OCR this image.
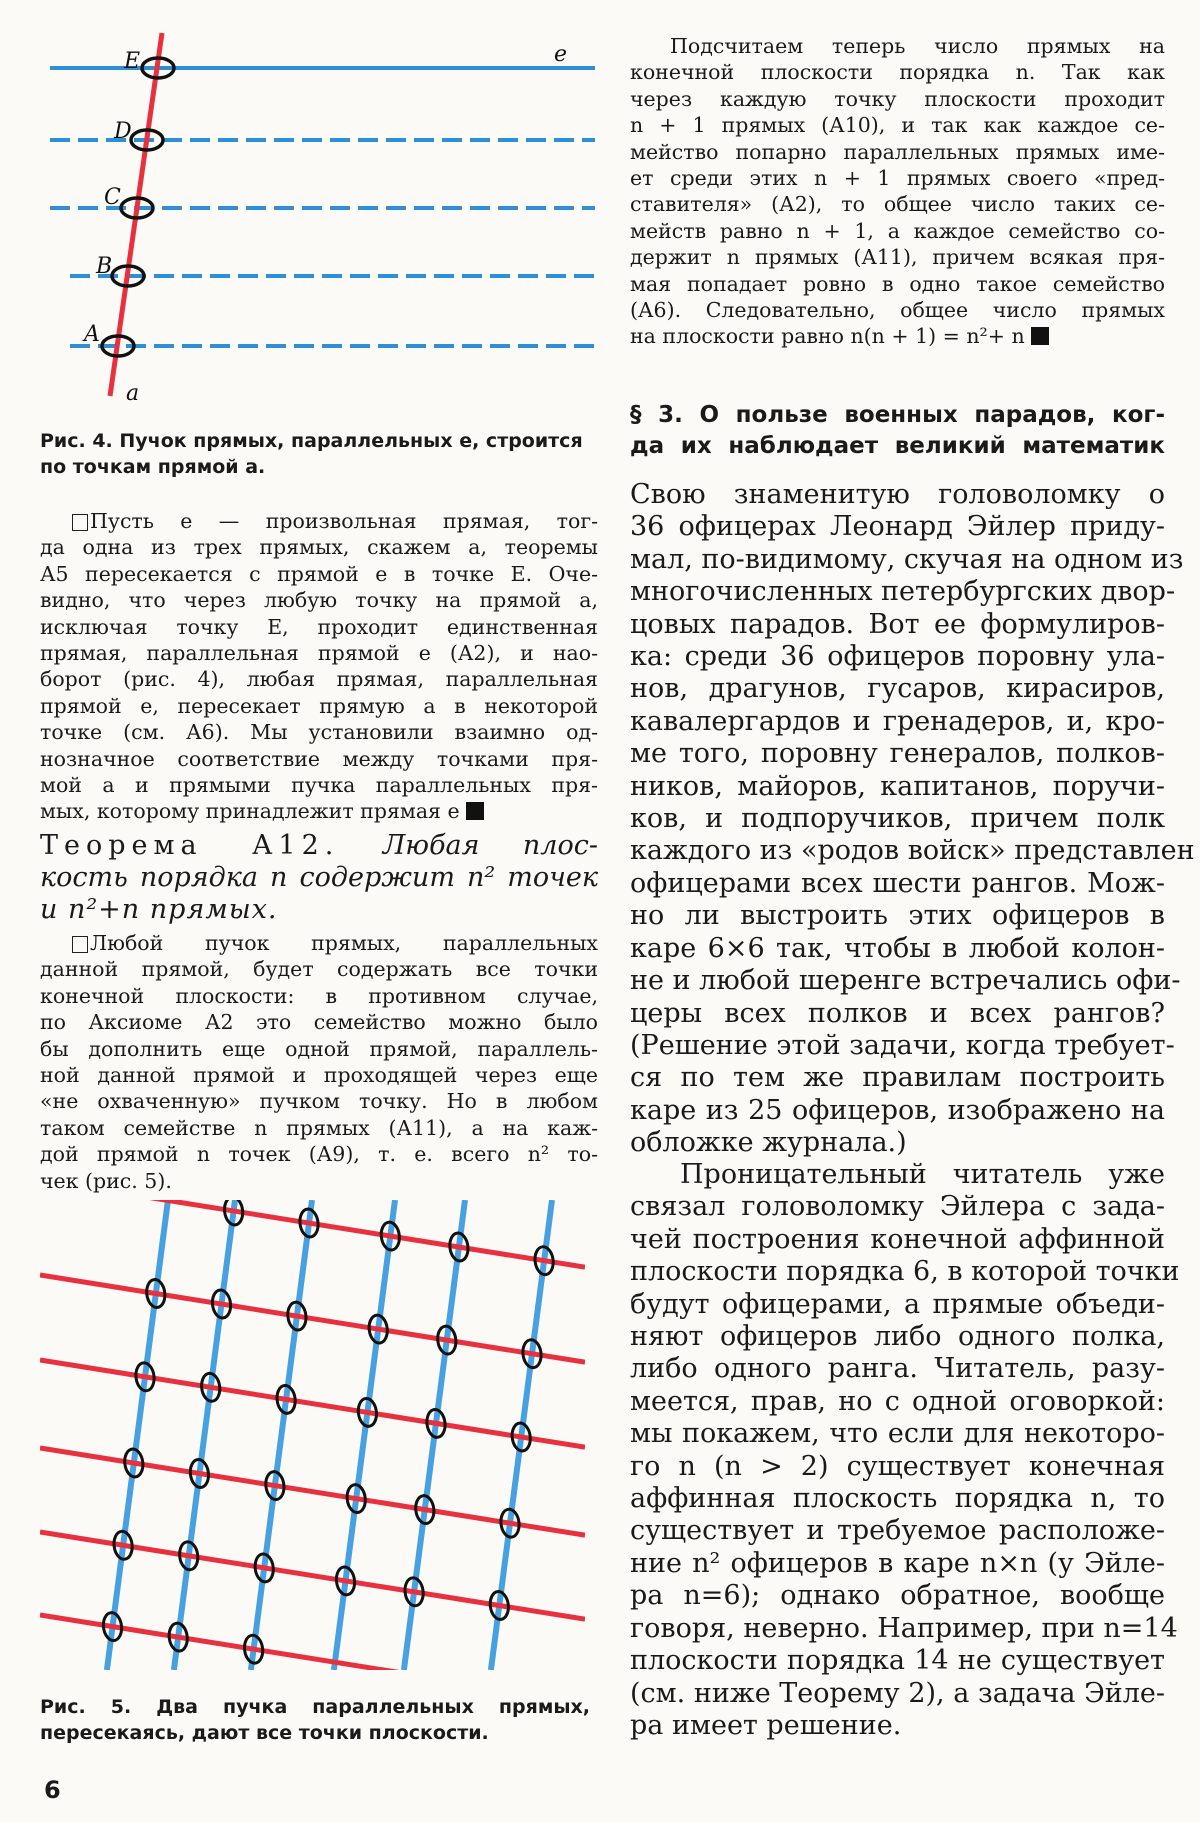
E
D
C
B
A
e
a
Рис. 4. Пучок прямых, параллельных e, строится по точкам прямой a.
Пусть e — произвольная прямая, тог-
да одна из трех прямых, скажем a, теоремы
А5 пересекается с прямой e в точке E. Оче-
видно, что через любую точку на прямой a,
исключая точку E, проходит единственная
прямая, параллельная прямой e (А2), и нао-
борот (рис. 4), любая прямая, параллельная
прямой e, пересекает прямую a в некоторой
точке (см. А6). Мы установили взаимно од-
нозначное соответствие между точками пря-
мой a и прямыми пучка параллельных пря-
мых, которому принадлежит прямая e
Теорема А12. Любая плос-
кость порядка n содержит n² точек
и n²+n прямых.
Любой пучок прямых, параллельных
данной прямой, будет содержать все точки
конечной плоскости: в противном случае,
по Аксиоме А2 это семейство можно было
бы дополнить еще одной прямой, параллель-
ной данной прямой и проходящей через еще
«не охваченную» пучком точку. Но в любом
таком семействе n прямых (А11), а на каж-
дой прямой n точек (А9), т. е. всего n² то-
чек (рис. 5).
Рис. 5. Два пучка параллельных прямых,
пересекаясь, дают все точки плоскости.
6
Подсчитаем теперь число прямых на
конечной плоскости порядка n. Так как
через каждую точку плоскости проходит
n + 1 прямых (А10), и так как каждое се-
мейство попарно параллельных прямых име-
ет среди этих n + 1 прямых своего «пред-
ставителя» (А2), то общее число таких се-
мейств равно n + 1, а каждое семейство со-
держит n прямых (А11), причем всякая пря-
мая попадает ровно в одно такое семейство
(А6). Следовательно, общее число прямых
на плоскости равно n(n + 1) = n²+ n
§ 3. О пользе военных парадов, ког-
да их наблюдает великий математик
Свою знаменитую головоломку о
36 офицерах Леонард Эйлер приду-
мал, по-видимому, скучая на одном из
многочисленных петербургских двор-
цовых парадов. Вот ее формулиров-
ка: среди 36 офицеров поровну ула-
нов, драгунов, гусаров, кирасиров,
кавалергардов и гренадеров, и, кро-
ме того, поровну генералов, полков-
ников, майоров, капитанов, поручи-
ков, и подпоручиков, причем полк
каждого из «родов войск» представлен
офицерами всех шести рангов. Мож-
но ли выстроить этих офицеров в
каре 6×6 так, чтобы в любой колон-
не и любой шеренге встречались офи-
церы всех полков и всех рангов?
(Решение этой задачи, когда требует-
ся по тем же правилам построить
каре из 25 офицеров, изображено на
обложке журнала.)
Проницательный читатель уже
связал головоломку Эйлера с зада-
чей построения конечной аффинной
плоскости порядка 6, в которой точки
будут офицерами, а прямые объеди-
няют офицеров либо одного полка,
либо одного ранга. Читатель, разу-
меется, прав, но с одной оговоркой:
мы покажем, что если для некоторо-
го n (n > 2) существует конечная
аффинная плоскость порядка n, то
существует и требуемое расположе-
ние n² офицеров в каре n×n (у Эйле-
ра n=6); однако обратное, вообще
говоря, неверно. Например, при n=14
плоскости порядка 14 не существует
(см. ниже Теорему 2), а задача Эйле-
ра имеет решение.
